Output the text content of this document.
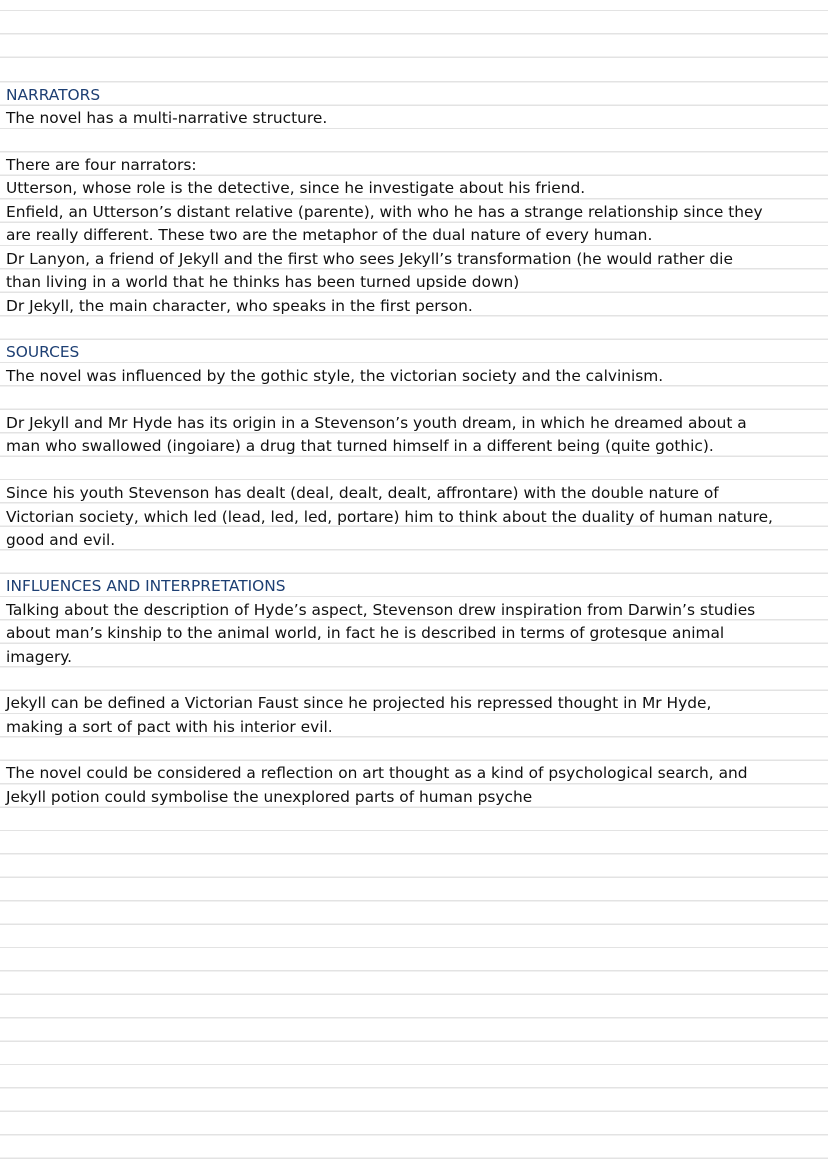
NARRATORS
The novel has a multi-narrative structure.
There are four narrators:
Utterson, whose role is the detective, since he investigate about his friend.
Enfield, an Utterson’s distant relative (parente), with who he has a strange relationship since they
are really different. These two are the metaphor of the dual nature of every human.
Dr Lanyon, a friend of Jekyll and the first who sees Jekyll’s transformation (he would rather die
than living in a world that he thinks has been turned upside down)
Dr Jekyll, the main character, who speaks in the first person.
SOURCES
The novel was influenced by the gothic style, the victorian society and the calvinism.
Dr Jekyll and Mr Hyde has its origin in a Stevenson’s youth dream, in which he dreamed about a
man who swallowed (ingoiare) a drug that turned himself in a different being (quite gothic).
Since his youth Stevenson has dealt (deal, dealt, dealt, affrontare) with the double nature of
Victorian society, which led (lead, led, led, portare) him to think about the duality of human nature,
good and evil.
INFLUENCES AND INTERPRETATIONS
Talking about the description of Hyde’s aspect, Stevenson drew inspiration from Darwin’s studies
about man’s kinship to the animal world, in fact he is described in terms of grotesque animal
imagery.
Jekyll can be defined a Victorian Faust since he projected his repressed thought in Mr Hyde,
making a sort of pact with his interior evil.
The novel could be considered a reflection on art thought as a kind of psychological search, and
Jekyll potion could symbolise the unexplored parts of human psyche
